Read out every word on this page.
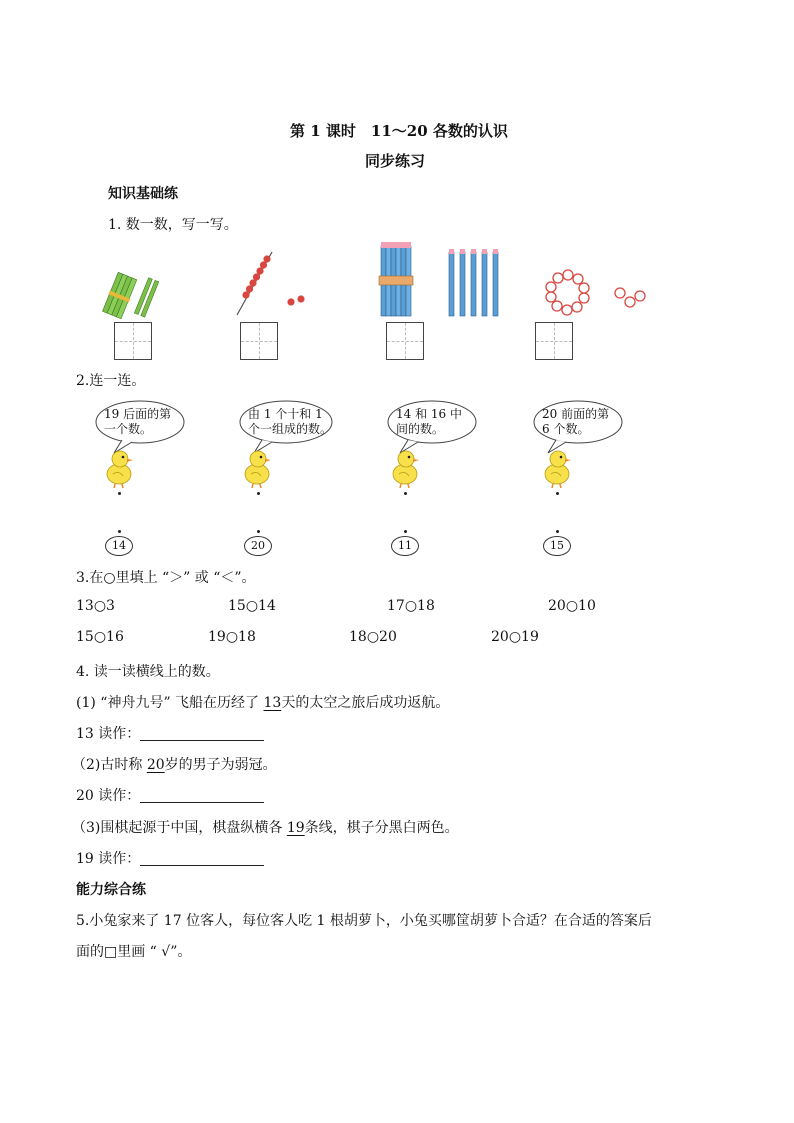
第 1 课时　11～20 各数的认识
同步练习
知识基础练
1. 数一数，写一写。
2.连一连。
19 后面的第一个数。
由 1 个十和 1 个一组成的数。
14 和 16 中间的数。
20 前面的第 6 个数。
14	20	11	15
3.在○里填上 “＞” 或 “＜”。
13○3	15○14	17○18	20○10
15○16	19○18	18○20	20○19
4. 读一读横线上的数。
(1) “神舟九号” 飞船在历经了 13天的太空之旅后成功返航。
13 读作：
（2)古时称 20岁的男子为弱冠。
20 读作：
（3)围棋起源于中国，棋盘纵横各 19条线，棋子分黑白两色。
19 读作：
能力综合练
5.小兔家来了 17 位客人，每位客人吃 1 根胡萝卜，小兔买哪筐胡萝卜合适？在合适的答案后
面的□里画 “ √”。
